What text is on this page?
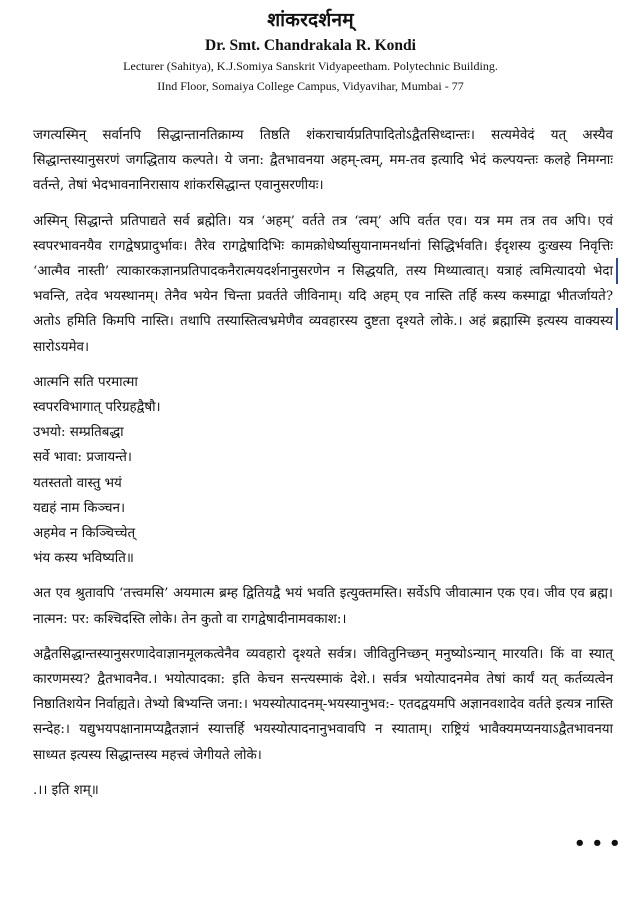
शांकरदर्शनम्
Dr. Smt. Chandrakala R. Kondi
Lecturer (Sahitya), K.J.Somiya Sanskrit Vidyapeetham. Polytechnic Building.
IInd Floor, Somaiya College Campus, Vidyavihar, Mumbai - 77

जगत्यस्मिन् सर्वानपि सिद्धान्तानतिक्राम्य तिष्ठति शंकराचार्यप्रतिपादितोऽद्वैतसिध्दान्तः। सत्यमेवेदं यत् अस्यैव सिद्धान्तस्यानुसरणं जगद्धिताय कल्पते। ये जना: द्वैतभावनया अहम्-त्वम्, मम-तव इत्यादि भेदं कल्पयन्तः कलहे निमग्नाः वर्तन्ते, तेषां भेदभावनानिरासाय शांकरसिद्धान्त एवानुसरणीयः।

अस्मिन् सिद्धान्ते प्रतिपाद्यते सर्व ब्रह्मेति। यत्र ‘अहम्’ वर्तते तत्र ‘त्वम्’ अपि वर्तत एव। यत्र मम तत्र तव अपि। एवं स्वपरभावनयैव रागद्वेषप्रादुर्भावः। तैरेव रागद्वेषादिभिः कामक्रोधेर्ष्यासुयानामनर्थानां सिद्धिर्भवति। ईदृशस्य दुःखस्य निवृत्तिः ‘आत्मैव नास्ती’ त्याकारकज्ञानप्रतिपादकनैरात्मयदर्शनानुसरणेन न सिद्धयति, तस्य मिथ्यात्वात्। यत्राहं त्वमित्यादयो भेदा भवन्ति, तदेव भयस्थानम्। तेनैव भयेन चिन्ता प्रवर्तते जीविनाम्। यदि अहम् एव नास्ति तर्हि कस्य कस्माद्वा भीतर्जायते? अतोऽ हमिति किमपि नास्ति। तथापि तस्यास्तित्वभ्रमेणैव व्यवहारस्य दुष्टता दृश्यते लोके.। अहं ब्रह्मास्मि इत्यस्य वाक्यस्य सारोऽयमेव।

आत्मनि सति परमात्मा
स्वपरविभागात् परिग्रहद्वैषौ।
उभयो: सम्प्रतिबद्धा
सर्वे भावा: प्रजायन्ते।
यतस्ततो वास्तु भयं
यद्यहं नाम किञ्चन।
अहमेव न किञ्चिच्चेत्
भंय कस्य भविष्यति॥

अत एव श्रुतावपि ‘तत्त्वमसि’ अयमात्म ब्रम्ह द्वितियद्वै भयं भवति इत्युक्तमस्ति। सर्वेऽपि जीवात्मान एक एव। जीव एव ब्रह्म। नात्मन: पर: कश्चिदस्ति लोके। तेन कुतो वा रागद्वेषादीनामवकाश:।

अद्वैतसिद्धान्तस्यानुसरणादेवाज्ञानमूलकत्वेनैव व्यवहारो दृश्यते सर्वत्र। जीवितुनिच्छन् मनुष्योऽन्यान् मारयति। किं वा स्यात् कारणमस्य? द्वैतभावनैव.। भयोत्पादका: इति केचन सन्त्यस्माकं देशे.। सर्वत्र भयोत्पादनमेव तेषां कार्यं यत् कर्तव्यत्वेन निष्ठातिशयेन निर्वाह्यते। तेभ्यो बिभ्यन्ति जना:। भयस्योत्पादनम्-भयस्यानुभव:- एतदद्वयमपि अज्ञानवशादेव वर्तते इत्यत्र नास्ति सन्देह:। यद्युभयपक्षानामप्यद्वैतज्ञानं स्यात्तर्हि भयस्योत्पादनानुभवावपि न स्याताम्। राष्ट्रियं भावैक्यमप्यनयाऽद्वैतभावनया साध्यत इत्यस्य सिद्धान्तस्य महत्त्वं जेगीयते लोके।

.।। इति शम्॥

•••
